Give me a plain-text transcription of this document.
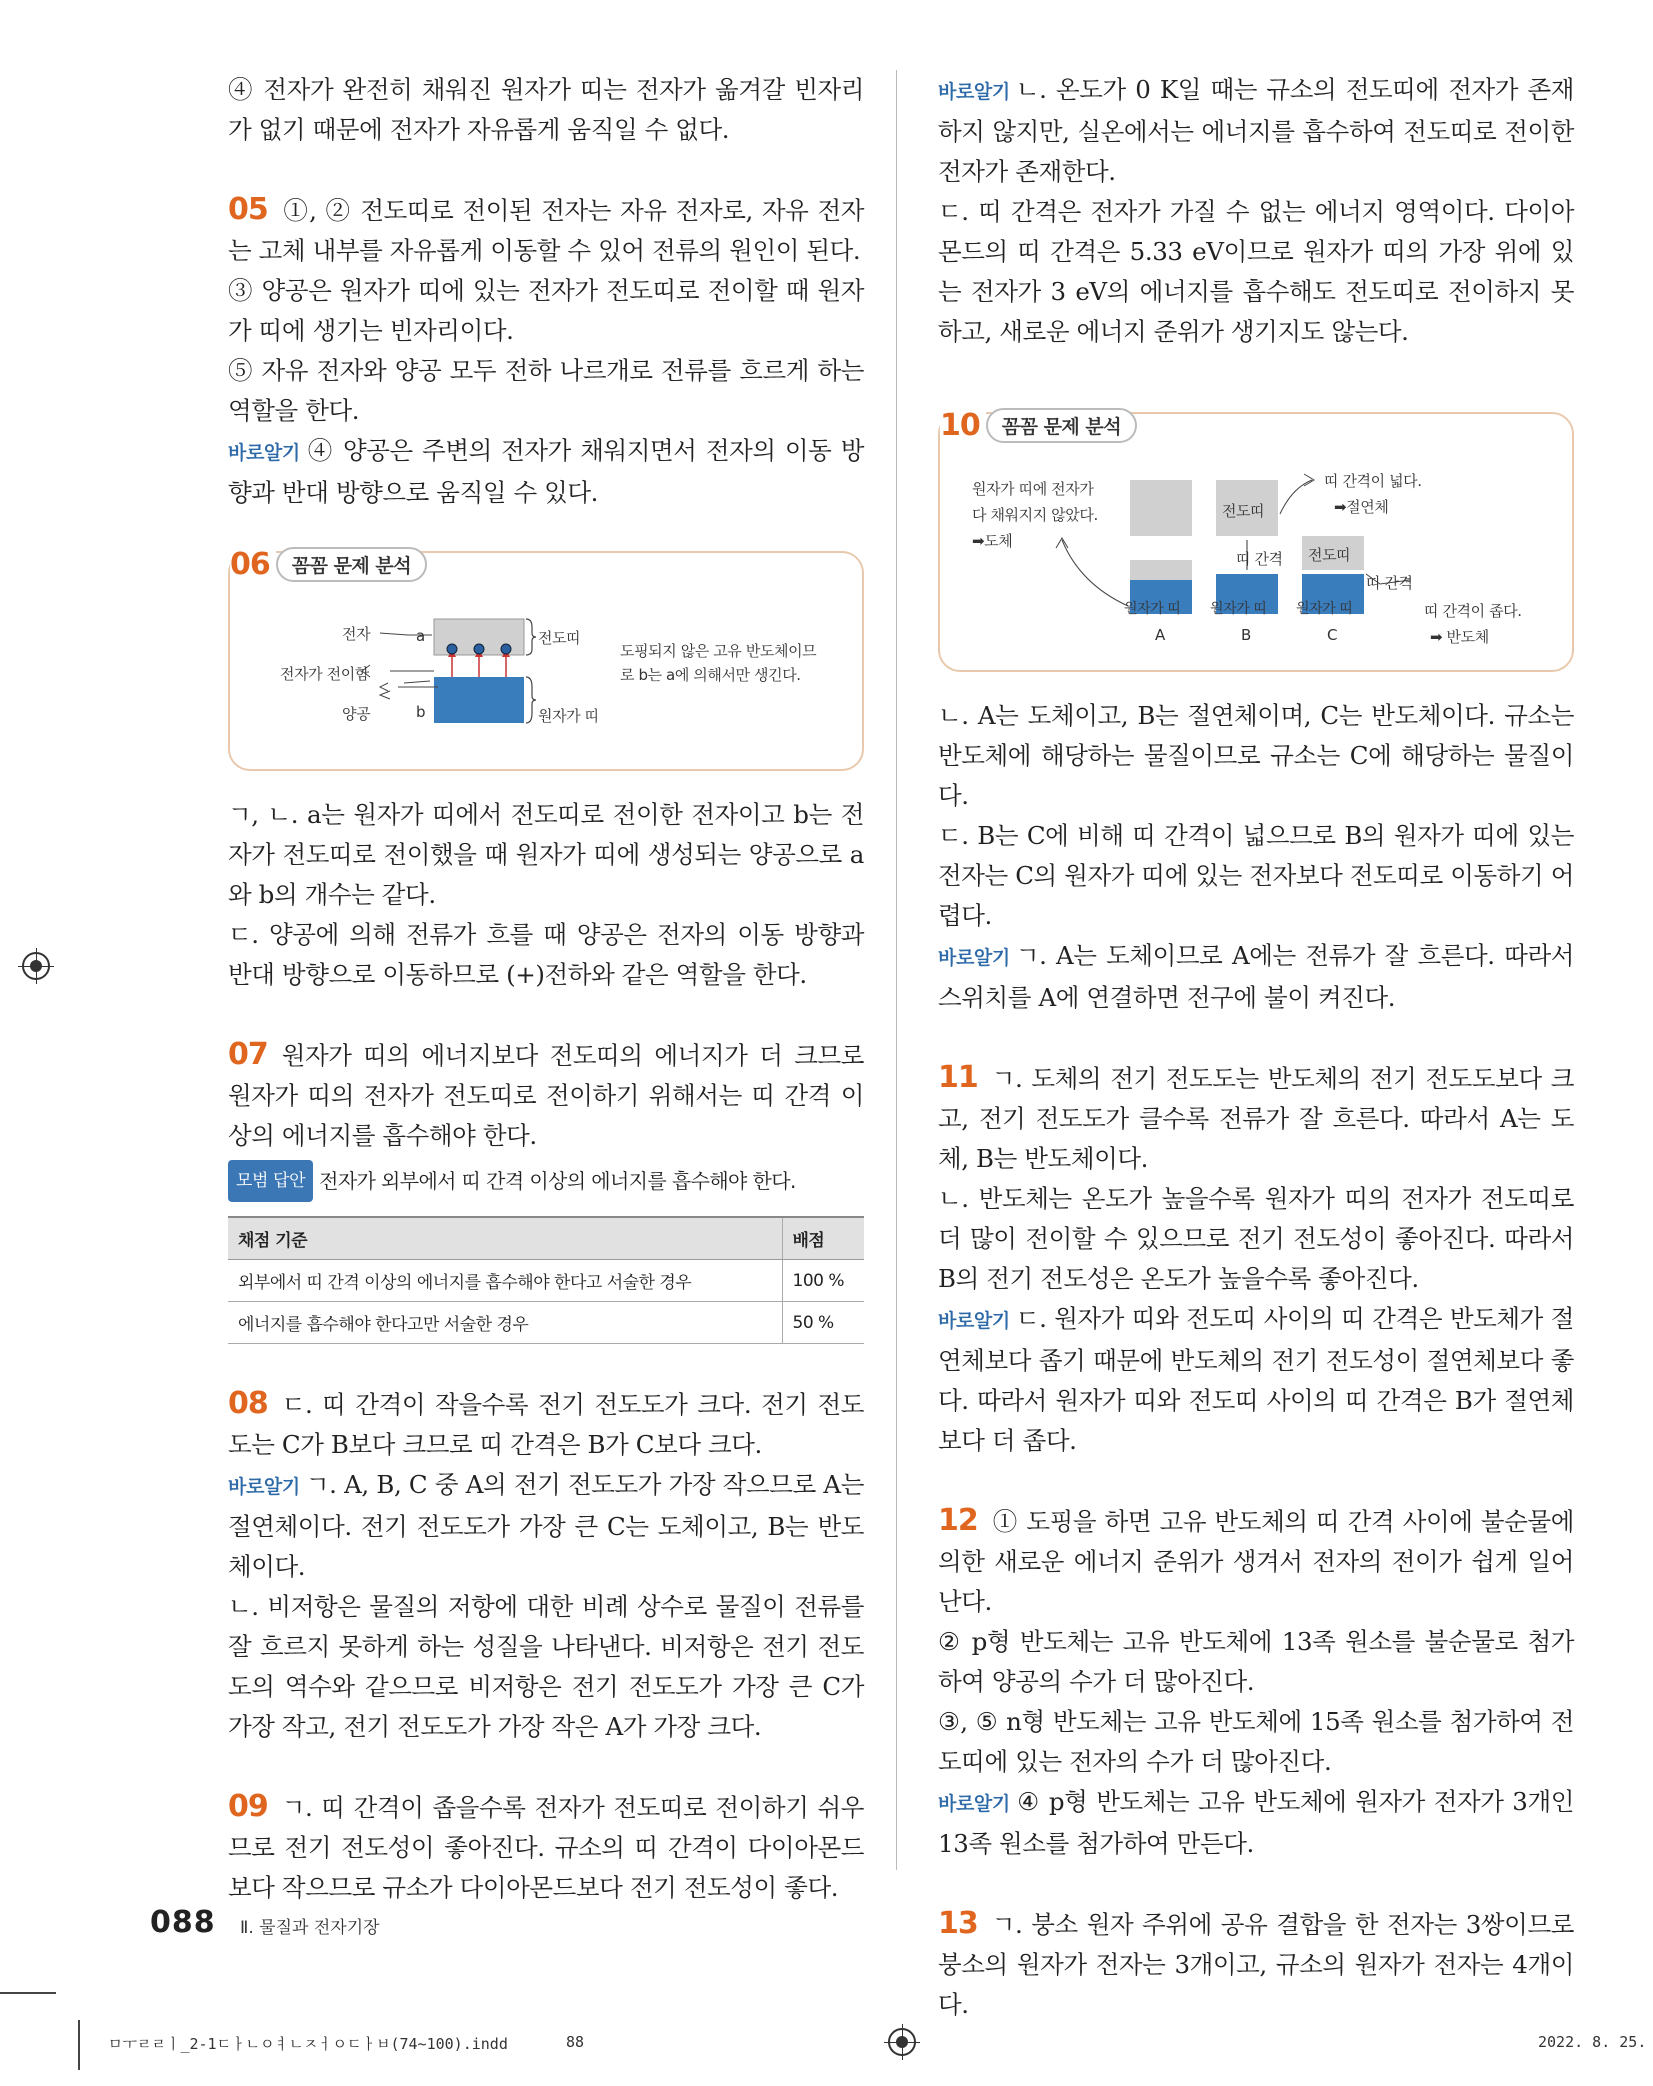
④ 전자가 완전히 채워진 원자가 띠는 전자가 옮겨갈 빈자리가 없기 때문에 전자가 자유롭게 움직일 수 없다.

05 ①, ② 전도띠로 전이된 전자는 자유 전자로, 자유 전자는 고체 내부를 자유롭게 이동할 수 있어 전류의 원인이 된다.

③ 양공은 원자가 띠에 있는 전자가 전도띠로 전이할 때 원자가 띠에 생기는 빈자리이다.

⑤ 자유 전자와 양공 모두 전하 나르개로 전류를 흐르게 하는 역할을 한다.

바로알기 ④ 양공은 주변의 전자가 채워지면서 전자의 이동 방향과 반대 방향으로 움직일 수 있다.

06	꼼꼼 문제 분석
전자	a
전자가 전이함
양공	b
전도띠
원자가 띠
도핑되지 않은 고유 반도체이므로 b는 a에 의해서만 생긴다.

ㄱ, ㄴ. a는 원자가 띠에서 전도띠로 전이한 전자이고 b는 전자가 전도띠로 전이했을 때 원자가 띠에 생성되는 양공으로 a와 b의 개수는 같다.

ㄷ. 양공에 의해 전류가 흐를 때 양공은 전자의 이동 방향과 반대 방향으로 이동하므로 (+)전하와 같은 역할을 한다.

07 원자가 띠의 에너지보다 전도띠의 에너지가 더 크므로 원자가 띠의 전자가 전도띠로 전이하기 위해서는 띠 간격 이상의 에너지를 흡수해야 한다.

모범 답안 전자가 외부에서 띠 간격 이상의 에너지를 흡수해야 한다.

채점 기준	배점
외부에서 띠 간격 이상의 에너지를 흡수해야 한다고 서술한 경우	100 %
에너지를 흡수해야 한다고만 서술한 경우	50 %

08 ㄷ. 띠 간격이 작을수록 전기 전도도가 크다. 전기 전도도는 C가 B보다 크므로 띠 간격은 B가 C보다 크다.

바로알기 ㄱ. A, B, C 중 A의 전기 전도도가 가장 작으므로 A는 절연체이다. 전기 전도도가 가장 큰 C는 도체이고, B는 반도체이다.

ㄴ. 비저항은 물질의 저항에 대한 비례 상수로 물질이 전류를 잘 흐르지 못하게 하는 성질을 나타낸다. 비저항은 전기 전도도의 역수와 같으므로 비저항은 전기 전도도가 가장 큰 C가 가장 작고, 전기 전도도가 가장 작은 A가 가장 크다.

09 ㄱ. 띠 간격이 좁을수록 전자가 전도띠로 전이하기 쉬우므로 전기 전도성이 좋아진다. 규소의 띠 간격이 다이아몬드보다 작으므로 규소가 다이아몬드보다 전기 전도성이 좋다.

바로알기 ㄴ. 온도가 0 K일 때는 규소의 전도띠에 전자가 존재하지 않지만, 실온에서는 에너지를 흡수하여 전도띠로 전이한 전자가 존재한다.

ㄷ. 띠 간격은 전자가 가질 수 없는 에너지 영역이다. 다이아몬드의 띠 간격은 5.33 eV이므로 원자가 띠의 가장 위에 있는 전자가 3 eV의 에너지를 흡수해도 전도띠로 전이하지 못하고, 새로운 에너지 준위가 생기지도 않는다.

10	꼼꼼 문제 분석
원자가 띠에 전자가
다 채워지지 않았다.
➡도체
전도띠
띠 간격 전도띠
띠 간격
원자가 띠 원자가 띠 원자가 띠
A	B	C
띠 간격이 넓다.
➡절연체
띠 간격이 좁다.
➡ 반도체

ㄴ. A는 도체이고, B는 절연체이며, C는 반도체이다. 규소는 반도체에 해당하는 물질이므로 규소는 C에 해당하는 물질이다.

ㄷ. B는 C에 비해 띠 간격이 넓으므로 B의 원자가 띠에 있는 전자는 C의 원자가 띠에 있는 전자보다 전도띠로 이동하기 어렵다.

바로알기 ㄱ. A는 도체이므로 A에는 전류가 잘 흐른다. 따라서 스위치를 A에 연결하면 전구에 불이 켜진다.

11 ㄱ. 도체의 전기 전도도는 반도체의 전기 전도도보다 크고, 전기 전도도가 클수록 전류가 잘 흐른다. 따라서 A는 도체, B는 반도체이다.

ㄴ. 반도체는 온도가 높을수록 원자가 띠의 전자가 전도띠로 더 많이 전이할 수 있으므로 전기 전도성이 좋아진다. 따라서 B의 전기 전도성은 온도가 높을수록 좋아진다.

바로알기 ㄷ. 원자가 띠와 전도띠 사이의 띠 간격은 반도체가 절연체보다 좁기 때문에 반도체의 전기 전도성이 절연체보다 좋다. 따라서 원자가 띠와 전도띠 사이의 띠 간격은 B가 절연체보다 더 좁다.

12 ① 도핑을 하면 고유 반도체의 띠 간격 사이에 불순물에 의한 새로운 에너지 준위가 생겨서 전자의 전이가 쉽게 일어난다.

② p형 반도체는 고유 반도체에 13족 원소를 불순물로 첨가하여 양공의 수가 더 많아진다.

③, ⑤ n형 반도체는 고유 반도체에 15족 원소를 첨가하여 전도띠에 있는 전자의 수가 더 많아진다.

바로알기 ④ p형 반도체는 고유 반도체에 원자가 전자가 3개인 13족 원소를 첨가하여 만든다.

13 ㄱ. 붕소 원자 주위에 공유 결합을 한 전자는 3쌍이므로 붕소의 원자가 전자는 3개이고, 규소의 원자가 전자는 4개이다.

088 Ⅱ. 물질과 전자기장
ㅁㅜㄹㄹㅣ_2-1ㄷㅏㄴㅇㅕㄴㅈㅓㅇㄷㅏㅂ(74~100).indd	88	2022. 8. 25.
